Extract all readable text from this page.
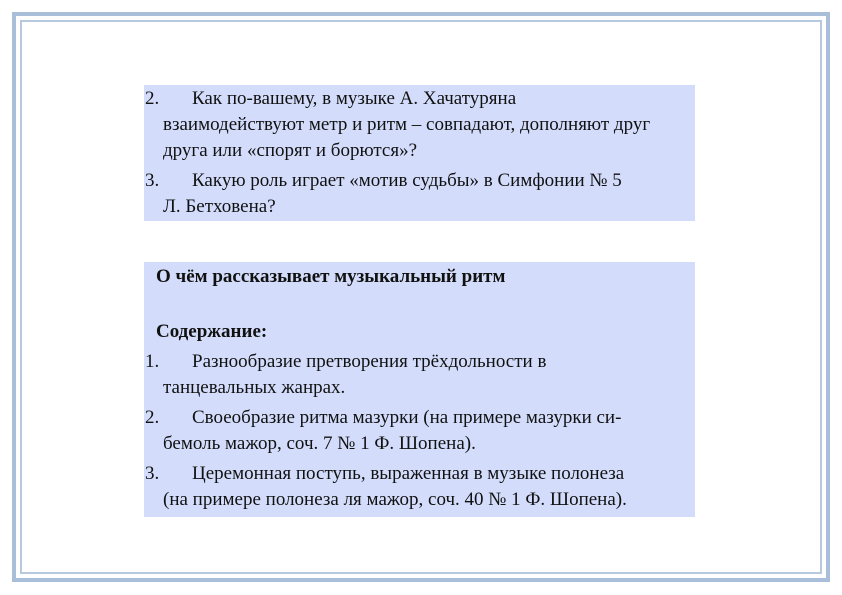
2.	Как по-вашему, в музыке А. Хачатуряна
взаимодействуют метр и ритм – совпадают, дополняют друг друга или «спорят и борются»?
3.	Какую роль играет «мотив судьбы» в Симфонии № 5
Л. Бетховена?
О чём рассказывает музыкальный ритм
Содержание:
1.	Разнообразие претворения трёхдольности в
танцевальных жанрах.
2.	Своеобразие ритма мазурки (на примере мазурки си-
бемоль мажор, соч. 7 № 1 Ф. Шопена).
3.	Церемонная поступь, выраженная в музыке полонеза
(на примере полонеза ля мажор, соч. 40 № 1 Ф. Шопена).
